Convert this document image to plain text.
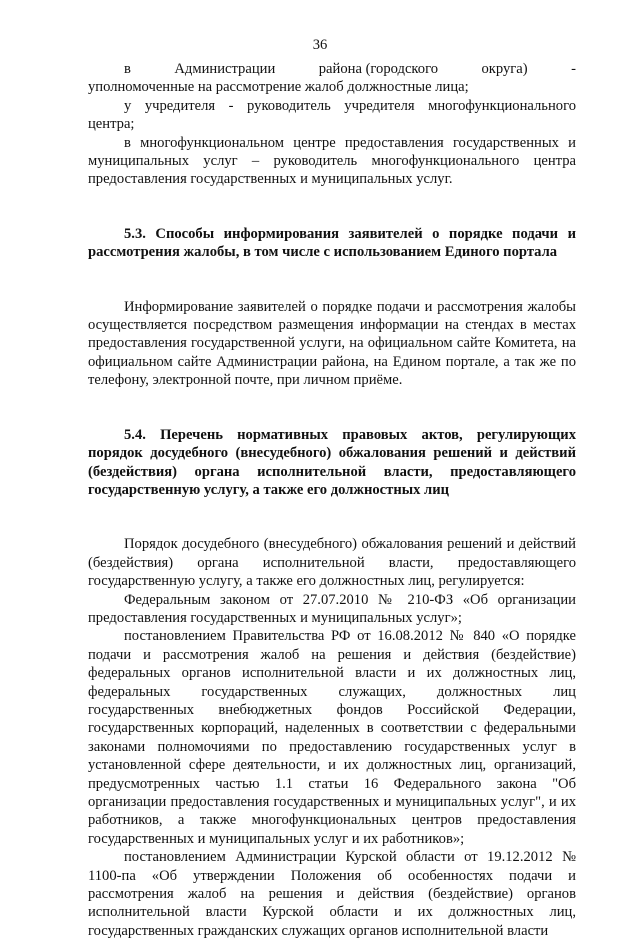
36
в	Администрации	района (городского	округа)	-

уполномоченные на рассмотрение жалоб должностные лица;

у учредителя - руководитель учредителя многофункционального центра;

в многофункциональном центре предоставления государственных и муниципальных услуг – руководитель многофункционального центра предоставления государственных и муниципальных услуг.

5.3. Способы информирования заявителей о порядке подачи и рассмотрения жалобы, в том числе с использованием Единого портала

Информирование заявителей о порядке подачи и рассмотрения жалобы осуществляется посредством размещения информации на стендах в местах предоставления государственной услуги, на официальном сайте Комитета, на официальном сайте Администрации района, на Едином портале, а так же по телефону, электронной почте, при личном приёме.

5.4. Перечень нормативных правовых актов, регулирующих порядок досудебного (внесудебного) обжалования решений и действий (бездействия) органа исполнительной власти, предоставляющего государственную услугу, а также его должностных лиц

Порядок досудебного (внесудебного) обжалования решений и действий (бездействия) органа исполнительной власти, предоставляющего государственную услугу, а также его должностных лиц, регулируется:

Федеральным законом от 27.07.2010 № 210-ФЗ «Об организации предоставления государственных и муниципальных услуг»;

постановлением Правительства РФ от 16.08.2012 № 840 «О порядке подачи и рассмотрения жалоб на решения и действия (бездействие) федеральных органов исполнительной власти и их должностных лиц, федеральных государственных служащих, должностных лиц государственных внебюджетных фондов Российской Федерации, государственных корпораций, наделенных в соответствии с федеральными законами полномочиями по предоставлению государственных услуг в установленной сфере деятельности, и их должностных лиц, организаций, предусмотренных частью 1.1 статьи 16 Федерального закона "Об организации предоставления государственных и муниципальных услуг", и их работников, а также многофункциональных центров предоставления государственных и муниципальных услуг и их работников»;

постановлением Администрации Курской области от 19.12.2012 № 1100-па «Об утверждении Положения об особенностях подачи и рассмотрения жалоб на решения и действия (бездействие) органов исполнительной власти Курской области и их должностных лиц, государственных гражданских служащих органов исполнительной власти
